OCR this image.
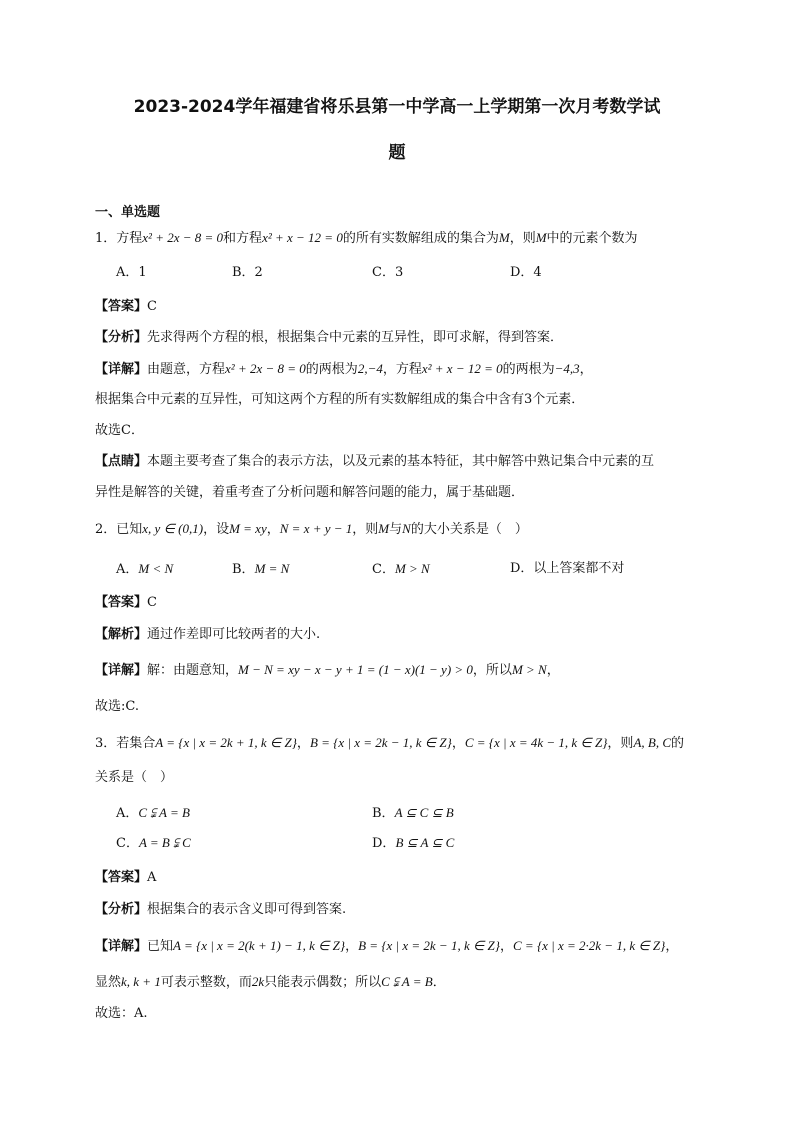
2023-2024学年福建省将乐县第一中学高一上学期第一次月考数学试
题
一、单选题
1．方程x² + 2x − 8 = 0和方程x² + x − 12 = 0的所有实数解组成的集合为M，则M中的元素个数为
A．1	B．2	C．3	D．4
【答案】C
【分析】先求得两个方程的根，根据集合中元素的互异性，即可求解，得到答案．
【详解】由题意，方程x² + 2x − 8 = 0的两根为2,−4，方程x² + x − 12 = 0的两根为−4,3，
根据集合中元素的互异性，可知这两个方程的所有实数解组成的集合中含有3个元素．
故选C．
【点睛】本题主要考查了集合的表示方法，以及元素的基本特征，其中解答中熟记集合中元素的互
异性是解答的关键，着重考查了分析问题和解答问题的能力，属于基础题．
2．已知x, y ∈ (0,1)，设M = xy，N = x + y − 1，则M与N的大小关系是（　）
A．M < N	B．M = N	C．M > N	D．以上答案都不对
【答案】C
【解析】通过作差即可比较两者的大小.
【详解】解：由题意知，M − N = xy − x − y + 1 = (1 − x)(1 − y) > 0，所以M > N，
故选:C.
3．若集合A = {x | x = 2k + 1, k ∈ Z}，B = {x | x = 2k − 1, k ∈ Z}，C = {x | x = 4k − 1, k ∈ Z}，则A, B, C的
关系是（　）
A．C ⫋ A = B	B．A ⊆ C ⊆ B
C．A = B ⫋ C	D．B ⊆ A ⊆ C
【答案】A
【分析】根据集合的表示含义即可得到答案.
【详解】已知A = {x | x = 2(k + 1) − 1, k ∈ Z}，B = {x | x = 2k − 1, k ∈ Z}，C = {x | x = 2·2k − 1, k ∈ Z}，
显然k, k + 1可表示整数，而2k只能表示偶数；所以C ⫋ A = B．
故选：A.
